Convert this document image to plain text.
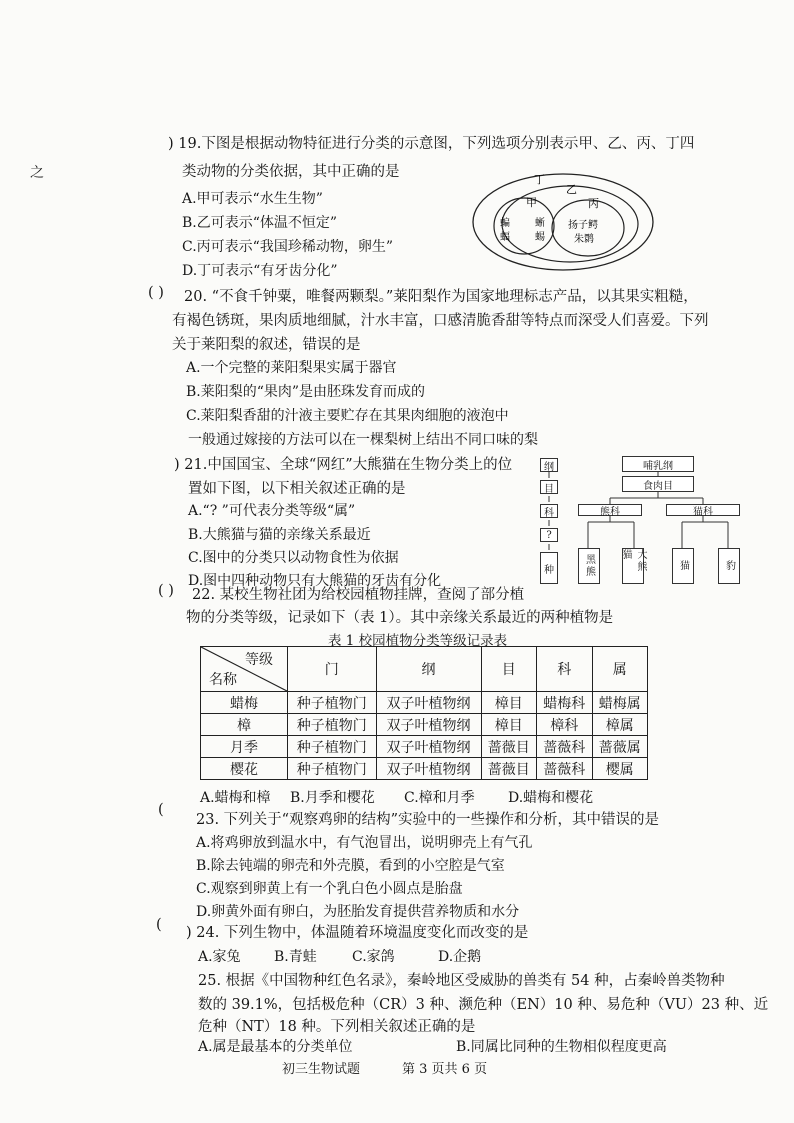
之
) 19.下图是根据动物特征进行分类的示意图，下列选项分别表示甲、乙、丙、丁四
类动物的分类依据，其中正确的是
A.甲可表示“水生生物”
B.乙可表示“体温不恒定”
C.丙可表示“我国珍稀动物，卵生”
D.丁可表示“有牙齿分化”
丁
乙
甲	丙
蝙
蝠
蜥
蜴
扬子鳄
朱鹮
( ) 20. “不食千钟粟，唯餐两颗梨。”莱阳梨作为国家地理标志产品，以其果实粗糙，
有褐色锈斑，果肉质地细腻，汁水丰富，口感清脆香甜等特点而深受人们喜爱。下列
关于莱阳梨的叙述，错误的是
A.一个完整的莱阳梨果实属于器官
B.莱阳梨的“果肉”是由胚珠发育而成的
C.莱阳梨香甜的汁液主要贮存在其果肉细胞的液泡中
一般通过嫁接的方法可以在一棵梨树上结出不同口味的梨
) 21.中国国宝、全球“网红”大熊猫在生物分类上的位
置如下图，以下相关叙述正确的是
A.“? ”可代表分类等级“属”
B.大熊猫与猫的亲缘关系最近
C.图中的分类只以动物食性为依据
D.图中四种动物只有大熊猫的牙齿有分化
纲
目
科
?
种
哺乳纲
食肉目
熊科	猫科
黑熊	大熊猫
猫	豹
( ) 22. 某校生物社团为给校园植物挂牌，查阅了部分植
物的分类等级，记录如下（表 1）。其中亲缘关系最近的两种植物是
表 1 校园植物分类等级记录表
等级
名称	门	纲	目	科	属
蜡梅	种子植物门	双子叶植物纲	樟目	蜡梅科	蜡梅属
樟	种子植物门	双子叶植物纲	樟目	樟科	樟属
月季	种子植物门	双子叶植物纲	蔷薇目	蔷薇科	蔷薇属
樱花	种子植物门	双子叶植物纲	蔷薇目	蔷薇科	樱属
A.蜡梅和樟 B.月季和樱花 C.樟和月季 D.蜡梅和樱花
(
23. 下列关于“观察鸡卵的结构”实验中的一些操作和分析，其中错误的是
A.将鸡卵放到温水中，有气泡冒出，说明卵壳上有气孔
B.除去钝端的卵壳和外壳膜，看到的小空腔是气室
C.观察到卵黄上有一个乳白色小圆点是胎盘
D.卵黄外面有卵白，为胚胎发育提供营养物质和水分
( ) 24. 下列生物中，体温随着环境温度变化而改变的是
A.家兔 B.青蛙	C.家鸽	D.企鹅
25. 根据《中国物种红色名录》，秦岭地区受威胁的兽类有 54 种，占秦岭兽类物种
数的 39.1%，包括极危种（CR）3 种、濒危种（EN）10 种、易危种（VU）23 种、近
危种（NT）18 种。下列相关叙述正确的是
A.属是最基本的分类单位	B.同属比同种的生物相似程度更高
初三生物试题	第 3 页共 6 页
